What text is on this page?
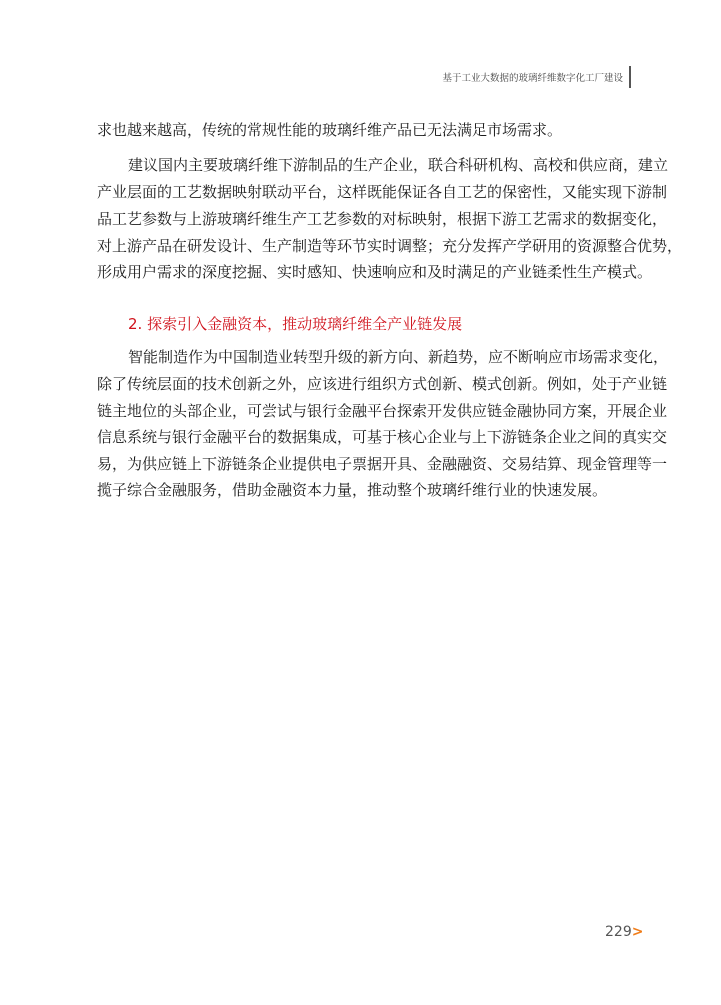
基于工业大数据的玻璃纤维数字化工厂建设
求也越来越高，传统的常规性能的玻璃纤维产品已无法满足市场需求。
建议国内主要玻璃纤维下游制品的生产企业，联合科研机构、高校和供应商，建立
产业层面的工艺数据映射联动平台，这样既能保证各自工艺的保密性，又能实现下游制
品工艺参数与上游玻璃纤维生产工艺参数的对标映射，根据下游工艺需求的数据变化，
对上游产品在研发设计、生产制造等环节实时调整；充分发挥产学研用的资源整合优势，
形成用户需求的深度挖掘、实时感知、快速响应和及时满足的产业链柔性生产模式。
2. 探索引入金融资本，推动玻璃纤维全产业链发展
智能制造作为中国制造业转型升级的新方向、新趋势，应不断响应市场需求变化，
除了传统层面的技术创新之外，应该进行组织方式创新、模式创新。例如，处于产业链
链主地位的头部企业，可尝试与银行金融平台探索开发供应链金融协同方案，开展企业
信息系统与银行金融平台的数据集成，可基于核心企业与上下游链条企业之间的真实交
易，为供应链上下游链条企业提供电子票据开具、金融融资、交易结算、现金管理等一
揽子综合金融服务，借助金融资本力量，推动整个玻璃纤维行业的快速发展。
229>
